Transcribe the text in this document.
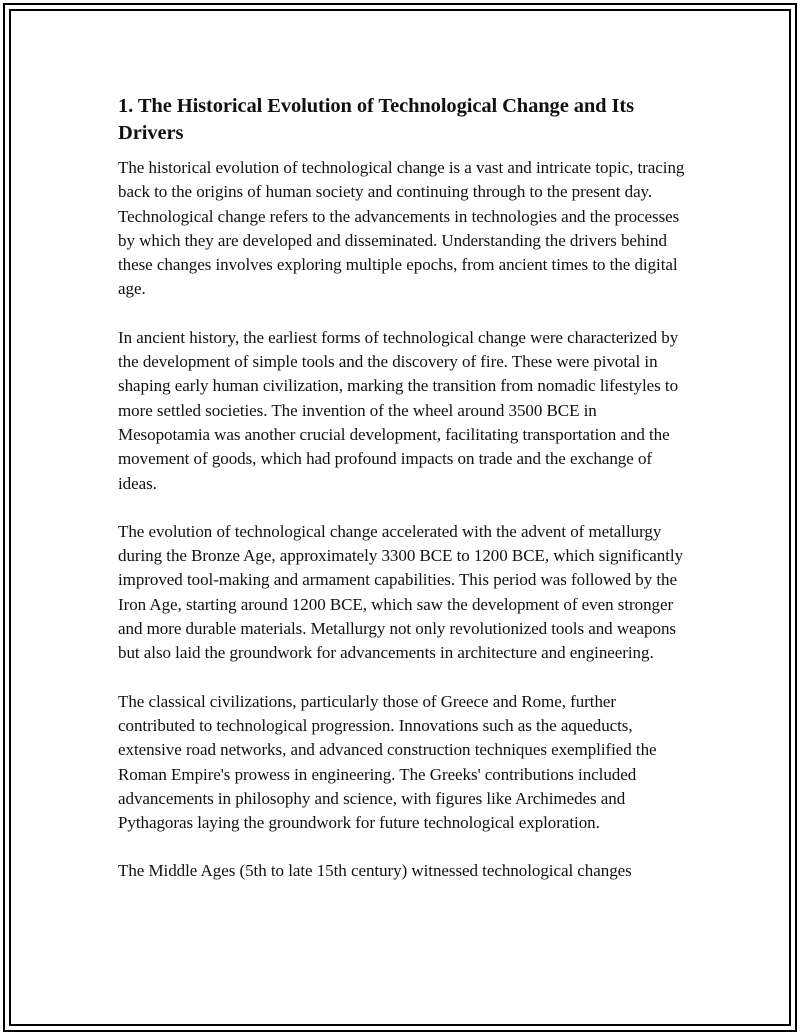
1. The Historical Evolution of Technological Change and Its Drivers

The historical evolution of technological change is a vast and intricate topic, tracing back to the origins of human society and continuing through to the present day. Technological change refers to the advancements in technologies and the processes by which they are developed and disseminated. Understanding the drivers behind these changes involves exploring multiple epochs, from ancient times to the digital age.

In ancient history, the earliest forms of technological change were characterized by the development of simple tools and the discovery of fire. These were pivotal in shaping early human civilization, marking the transition from nomadic lifestyles to more settled societies. The invention of the wheel around 3500 BCE in Mesopotamia was another crucial development, facilitating transportation and the movement of goods, which had profound impacts on trade and the exchange of ideas.

The evolution of technological change accelerated with the advent of metallurgy during the Bronze Age, approximately 3300 BCE to 1200 BCE, which significantly improved tool-making and armament capabilities. This period was followed by the Iron Age, starting around 1200 BCE, which saw the development of even stronger and more durable materials. Metallurgy not only revolutionized tools and weapons but also laid the groundwork for advancements in architecture and engineering.

The classical civilizations, particularly those of Greece and Rome, further contributed to technological progression. Innovations such as the aqueducts, extensive road networks, and advanced construction techniques exemplified the Roman Empire's prowess in engineering. The Greeks' contributions included advancements in philosophy and science, with figures like Archimedes and Pythagoras laying the groundwork for future technological exploration.

The Middle Ages (5th to late 15th century) witnessed technological changes
